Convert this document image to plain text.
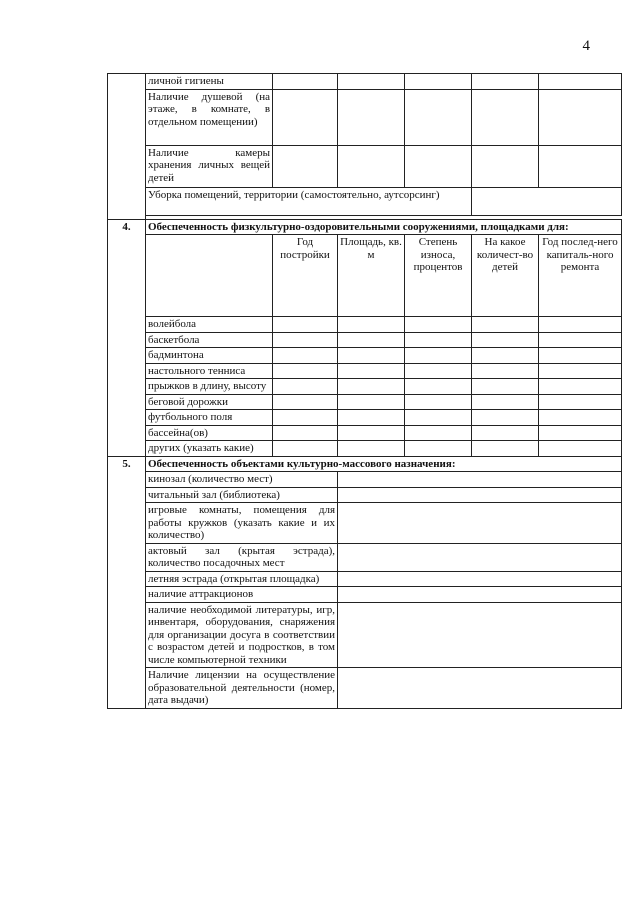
4
	личной гигиены					
	Наличие душевой (на этаже, в комнате, в отдельном помещении)					
	Наличие камеры хранения личных вещей детей					
	Уборка помещений, территории (самостоятельно, аутсорсинг)					

4.	Обеспеченность физкультурно-оздоровительными сооружениями, площадками для:					
		Год постройки	Площадь, кв. м	Степень износа, процентов	На какое количест-во детей	Год послед-него капиталь-ного ремонта
	волейбола					
	баскетбола					
	бадминтона					
	настольного тенниса					
	прыжков в длину, высоту					
	беговой дорожки					
	футбольного поля					
	бассейна(ов)					
	других (указать какие)					
5.	Обеспеченность объектами культурно-массового назначения:					
	кинозал (количество мест)					
	читальный зал (библиотека)					
	игровые комнаты, помещения для работы кружков (указать какие и их количество)					
	актовый зал (крытая эстрада), количество посадочных мест					
	летняя эстрада (открытая площадка)					
	наличие аттракционов					
	наличие необходимой литературы, игр, инвентаря, оборудования, снаряжения для организации досуга в соответствии с возрастом детей и подростков, в том числе компьютерной техники					
	Наличие лицензии на осуществление образовательной деятельности (номер, дата выдачи)					
